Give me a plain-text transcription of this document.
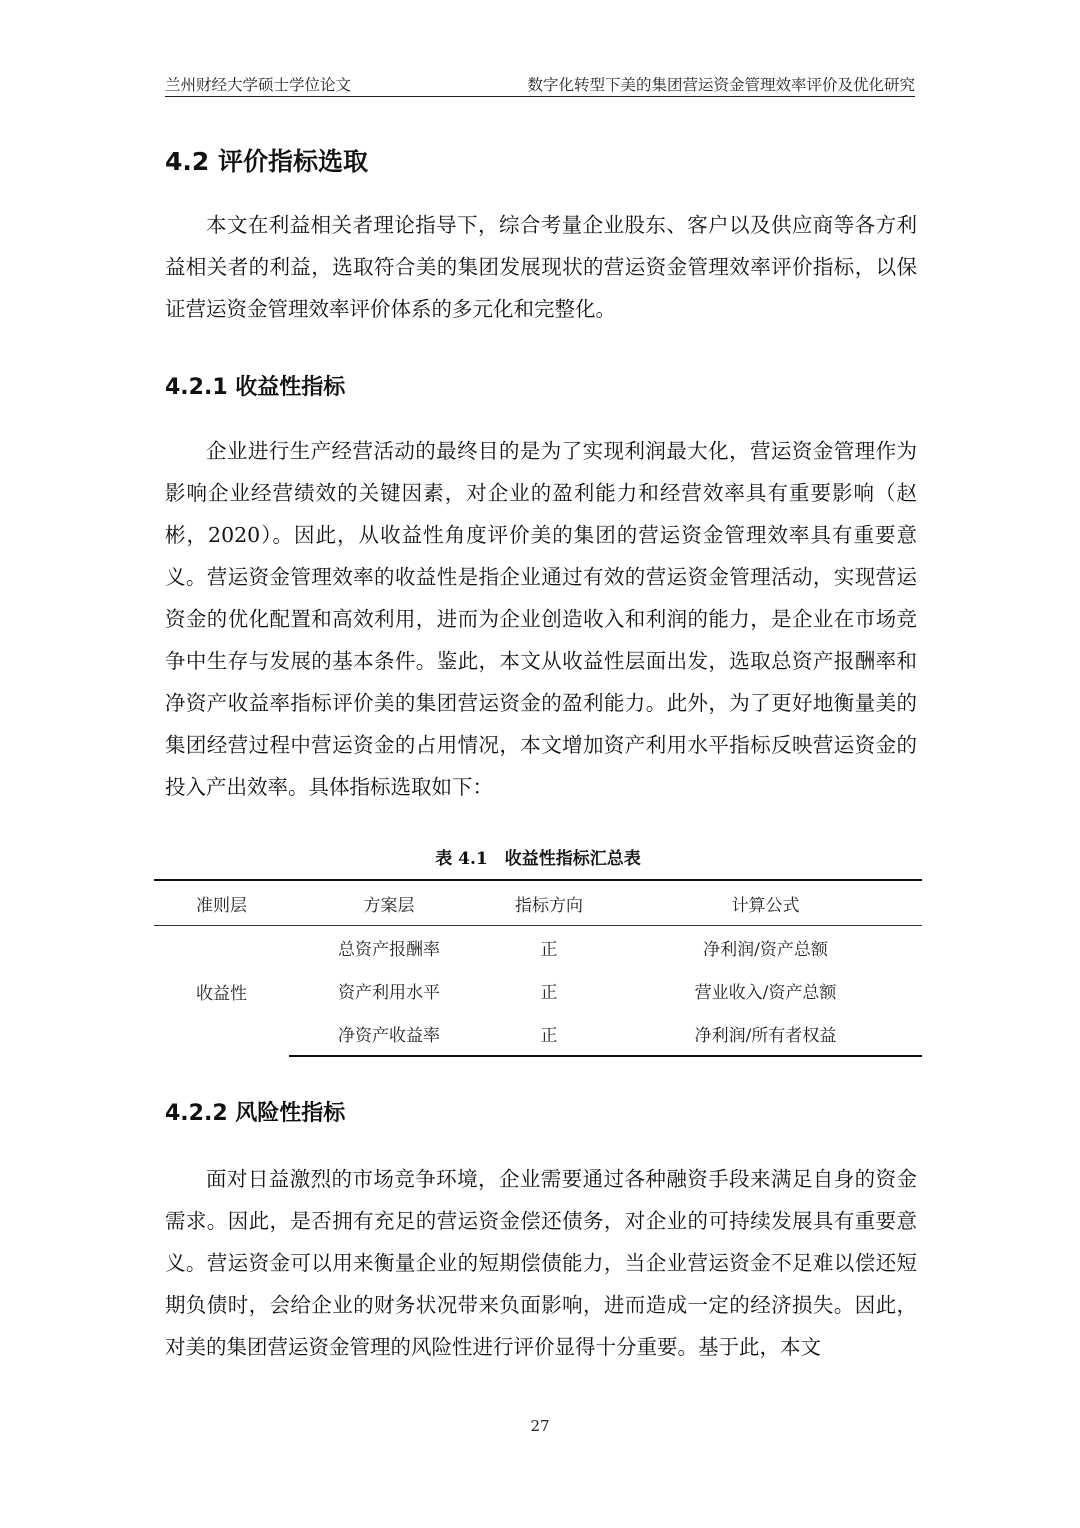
兰州财经大学硕士学位论文	数字化转型下美的集团营运资金管理效率评价及优化研究
4.2 评价指标选取

本文在利益相关者理论指导下，综合考量企业股东、客户以及供应商等各方利益相关者的利益，选取符合美的集团发展现状的营运资金管理效率评价指标，以保证营运资金管理效率评价体系的多元化和完整化。

4.2.1 收益性指标

企业进行生产经营活动的最终目的是为了实现利润最大化，营运资金管理作为影响企业经营绩效的关键因素，对企业的盈利能力和经营效率具有重要影响（赵彬，2020）。因此，从收益性角度评价美的集团的营运资金管理效率具有重要意义。营运资金管理效率的收益性是指企业通过有效的营运资金管理活动，实现营运资金的优化配置和高效利用，进而为企业创造收入和利润的能力，是企业在市场竞争中生存与发展的基本条件。鉴此，本文从收益性层面出发，选取总资产报酬率和净资产收益率指标评价美的集团营运资金的盈利能力。此外，为了更好地衡量美的集团经营过程中营运资金的占用情况，本文增加资产利用水平指标反映营运资金的投入产出效率。具体指标选取如下：

表 4.1　收益性指标汇总表
准则层	方案层	指标方向	计算公式
收益性	总资产报酬率	正	净利润/资产总额
	资产利用水平	正	营业收入/资产总额
	净资产收益率	正	净利润/所有者权益
4.2.2 风险性指标

面对日益激烈的市场竞争环境，企业需要通过各种融资手段来满足自身的资金需求。因此，是否拥有充足的营运资金偿还债务，对企业的可持续发展具有重要意义。营运资金可以用来衡量企业的短期偿债能力，当企业营运资金不足难以偿还短期负债时，会给企业的财务状况带来负面影响，进而造成一定的经济损失。因此，对美的集团营运资金管理的风险性进行评价显得十分重要。基于此，本文

27
